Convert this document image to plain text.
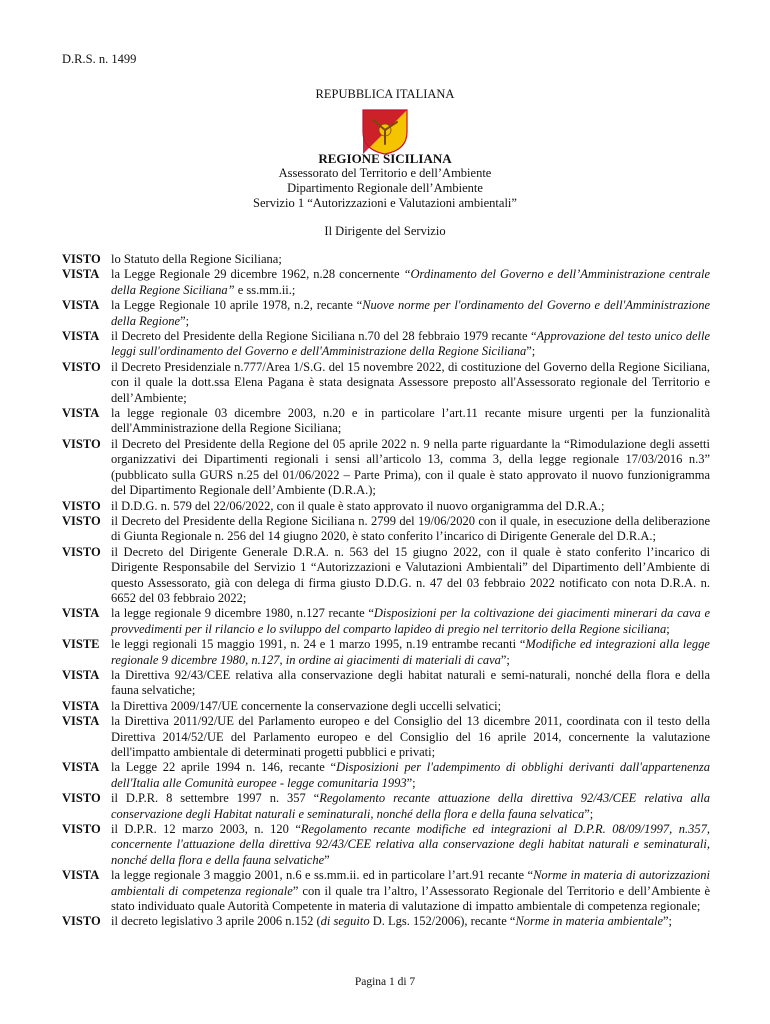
D.R.S. n. 1499
REPUBBLICA ITALIANA
REGIONE SICILIANA
Assessorato del Territorio e dell’Ambiente
Dipartimento Regionale dell’Ambiente
Servizio 1 “Autorizzazioni e Valutazioni ambientali”
Il Dirigente del Servizio
VISTO lo Statuto della Regione Siciliana;
VISTA la Legge Regionale 29 dicembre 1962, n.28 concernente “Ordinamento del Governo e dell’Amministrazione centrale della Regione Siciliana” e ss.mm.ii.;
VISTA la Legge Regionale 10 aprile 1978, n.2, recante “Nuove norme per l'ordinamento del Governo e dell'Amministrazione della Regione”;
VISTA il Decreto del Presidente della Regione Siciliana n.70 del 28 febbraio 1979 recante “Approvazione del testo unico delle leggi sull'ordinamento del Governo e dell'Amministrazione della Regione Siciliana”;
VISTO il Decreto Presidenziale n.777/Area 1/S.G. del 15 novembre 2022, di costituzione del Governo della Regione Siciliana, con il quale la dott.ssa Elena Pagana è stata designata Assessore preposto all'Assessorato regionale del Territorio e dell’Ambiente;
VISTA la legge regionale 03 dicembre 2003, n.20 e in particolare l’art.11 recante misure urgenti per la funzionalità dell'Amministrazione della Regione Siciliana;
VISTO il Decreto del Presidente della Regione del 05 aprile 2022 n. 9 nella parte riguardante la “Rimodulazione degli assetti organizzativi dei Dipartimenti regionali i sensi all’articolo 13, comma 3, della legge regionale 17/03/2016 n.3” (pubblicato sulla GURS n.25 del 01/06/2022 – Parte Prima), con il quale è stato approvato il nuovo funzionigramma del Dipartimento Regionale dell’Ambiente (D.R.A.);
VISTO il D.D.G. n. 579 del 22/06/2022, con il quale è stato approvato il nuovo organigramma del D.R.A.;
VISTO il Decreto del Presidente della Regione Siciliana n. 2799 del 19/06/2020 con il quale, in esecuzione della deliberazione di Giunta Regionale n. 256 del 14 giugno 2020, è stato conferito l’incarico di Dirigente Generale del D.R.A.;
VISTO il Decreto del Dirigente Generale D.R.A. n. 563 del 15 giugno 2022, con il quale è stato conferito l’incarico di Dirigente Responsabile del Servizio 1 “Autorizzazioni e Valutazioni Ambientali” del Dipartimento dell’Ambiente di questo Assessorato, già con delega di firma giusto D.D.G. n. 47 del 03 febbraio 2022 notificato con nota D.R.A. n. 6652 del 03 febbraio 2022;
VISTA la legge regionale 9 dicembre 1980, n.127 recante “Disposizioni per la coltivazione dei giacimenti minerari da cava e provvedimenti per il rilancio e lo sviluppo del comparto lapideo di pregio nel territorio della Regione siciliana;
VISTE le leggi regionali 15 maggio 1991, n. 24 e 1 marzo 1995, n.19 entrambe recanti “Modifiche ed integrazioni alla legge regionale 9 dicembre 1980, n.127, in ordine ai giacimenti di materiali di cava”;
VISTA la Direttiva 92/43/CEE relativa alla conservazione degli habitat naturali e semi-naturali, nonché della flora e della fauna selvatiche;
VISTA la Direttiva 2009/147/UE concernente la conservazione degli uccelli selvatici;
VISTA la Direttiva 2011/92/UE del Parlamento europeo e del Consiglio del 13 dicembre 2011, coordinata con il testo della Direttiva 2014/52/UE del Parlamento europeo e del Consiglio del 16 aprile 2014, concernente la valutazione dell'impatto ambientale di determinati progetti pubblici e privati;
VISTA la Legge 22 aprile 1994 n. 146, recante “Disposizioni per l'adempimento di obblighi derivanti dall'appartenenza dell'Italia alle Comunità europee - legge comunitaria 1993”;
VISTO il D.P.R. 8 settembre 1997 n. 357 “Regolamento recante attuazione della direttiva 92/43/CEE relativa alla conservazione degli Habitat naturali e seminaturali, nonché della flora e della fauna selvatica”;
VISTO il D.P.R. 12 marzo 2003, n. 120 “Regolamento recante modifiche ed integrazioni al D.P.R. 08/09/1997, n.357, concernente l'attuazione della direttiva 92/43/CEE relativa alla conservazione degli habitat naturali e seminaturali, nonché della flora e della fauna selvatiche”
VISTA la legge regionale 3 maggio 2001, n.6 e ss.mm.ii. ed in particolare l’art.91 recante “Norme in materia di autorizzazioni ambientali di competenza regionale” con il quale tra l’altro, l’Assessorato Regionale del Territorio e dell’Ambiente è stato individuato quale Autorità Competente in materia di valutazione di impatto ambientale di competenza regionale;
VISTO il decreto legislativo 3 aprile 2006 n.152 (di seguito D. Lgs. 152/2006), recante “Norme in materia ambientale”;
Pagina 1 di 7
